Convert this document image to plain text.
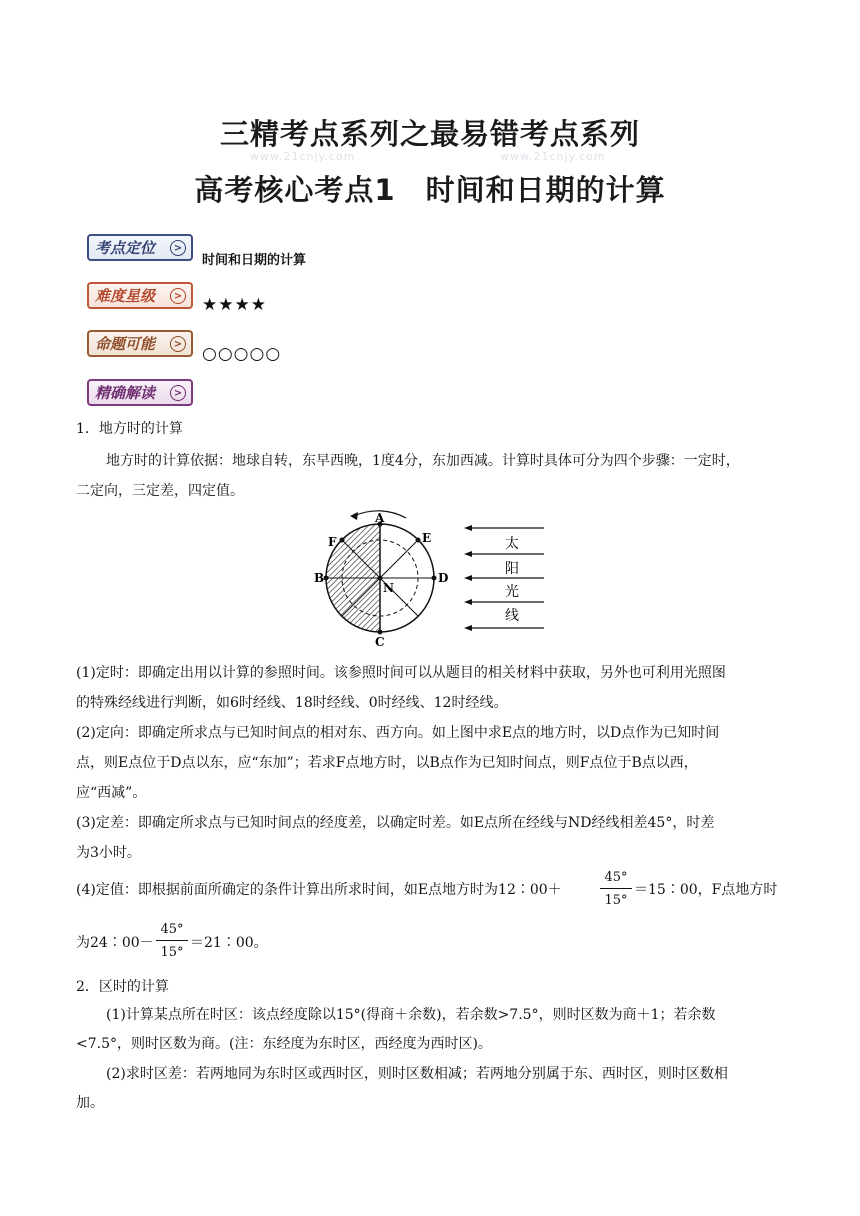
www.21cnjy.com	www.21cnjy.com
三精考点系列之最易错考点系列
高考核心考点1　时间和日期的计算
考点定位	>
时间和日期的计算
难度星级	> ★★★★
命题可能	> ○○○○○
精确解读	>
1．地方时的计算
地方时的计算依据：地球自转，东早西晚，1度4分，东加西减。计算时具体可分为四个步骤：一定时，
二定向，三定差，四定值。
A
B
C
D
E
F
N
太
阳
光
线
(1)定时：即确定出用以计算的参照时间。该参照时间可以从题目的相关材料中获取，另外也可利用光照图
的特殊经线进行判断，如6时经线、18时经线、0时经线、12时经线。
(2)定向：即确定所求点与已知时间点的相对东、西方向。如上图中求E点的地方时，以D点作为已知时间
点，则E点位于D点以东，应“东加”；若求F点地方时，以B点作为已知时间点，则F点位于B点以西，
应“西减”。
(3)定差：即确定所求点与已知时间点的经度差，以确定时差。如E点所在经线与ND经线相差45°，时差
为3小时。
(4)定值：即根据前面所确定的条件计算出所求时间，如E点地方时为12∶00＋
45°
15°
＝15∶00，F点地方时
为24∶00－
45°
15°
＝21∶00。
2．区时的计算
(1)计算某点所在时区：该点经度除以15°(得商＋余数)，若余数>7.5°，则时区数为商＋1；若余数
<7.5°，则时区数为商。(注：东经度为东时区，西经度为西时区)。
(2)求时区差：若两地同为东时区或西时区，则时区数相减；若两地分别属于东、西时区，则时区数相
加。
